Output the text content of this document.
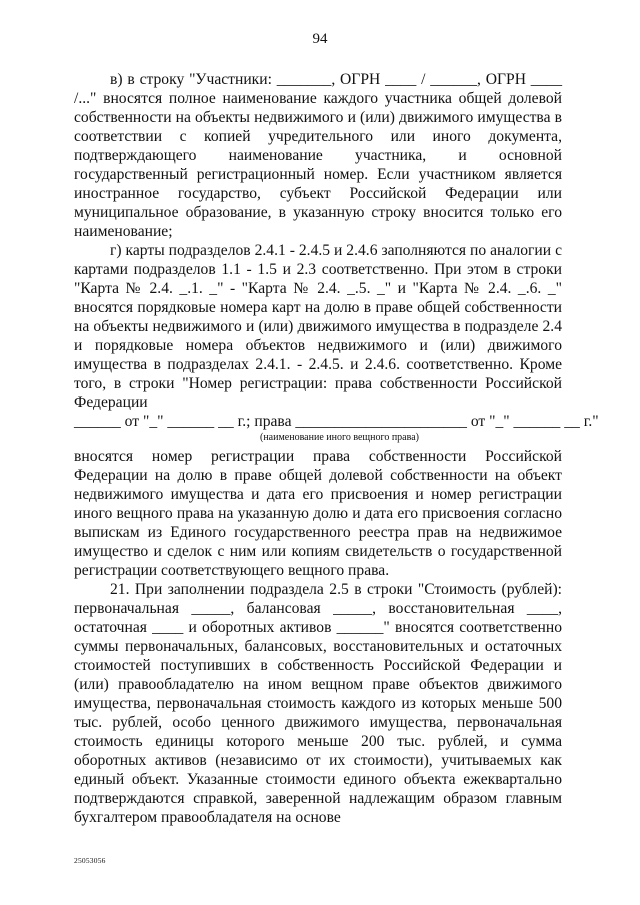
94

в) в строку "Участники: _______, ОГРН ____ / ______, ОГРН ____ /..." вносятся полное наименование каждого участника общей долевой собственности на объекты недвижимого и (или) движимого имущества в соответствии с копией учредительного или иного документа, подтверждающего наименование участника, и основной государственный регистрационный номер. Если участником является иностранное государство, субъект Российской Федерации или муниципальное образование, в указанную строку вносится только его наименование;

г) карты подразделов 2.4.1 - 2.4.5 и 2.4.6 заполняются по аналогии с картами подразделов 1.1 - 1.5 и 2.3 соответственно. При этом в строки "Карта № 2.4. _.1. _" - "Карта № 2.4. _.5. _" и "Карта № 2.4. _.6. _" вносятся порядковые номера карт на долю в праве общей собственности на объекты недвижимого и (или) движимого имущества в подразделе 2.4 и порядковые номера объектов недвижимого и (или) движимого имущества в подразделах 2.4.1. - 2.4.5. и 2.4.6. соответственно. Кроме того, в строки "Номер регистрации: права собственности Российской Федерации

______ от "_" ______ __ г.; права ______________________ от "_" ______ __ г."
(наименование иного вещного права)

вносятся номер регистрации права собственности Российской Федерации на долю в праве общей долевой собственности на объект недвижимого имущества и дата его присвоения и номер регистрации иного вещного права на указанную долю и дата его присвоения согласно выпискам из Единого государственного реестра прав на недвижимое имущество и сделок с ним или копиям свидетельств о государственной регистрации соответствующего вещного права.

21. При заполнении подраздела 2.5 в строки "Стоимость (рублей): первоначальная _____, балансовая _____, восстановительная ____, остаточная ____ и оборотных активов ______" вносятся соответственно суммы первоначальных, балансовых, восстановительных и остаточных стоимостей поступивших в собственность Российской Федерации и (или) правообладателю на ином вещном праве объектов движимого имущества, первоначальная стоимость каждого из которых меньше 500 тыс. рублей, особо ценного движимого имущества, первоначальная стоимость единицы которого меньше 200 тыс. рублей, и сумма оборотных активов (независимо от их стоимости), учитываемых как единый объект. Указанные стоимости единого объекта ежеквартально подтверждаются справкой, заверенной надлежащим образом главным бухгалтером правообладателя на основе

25053056
